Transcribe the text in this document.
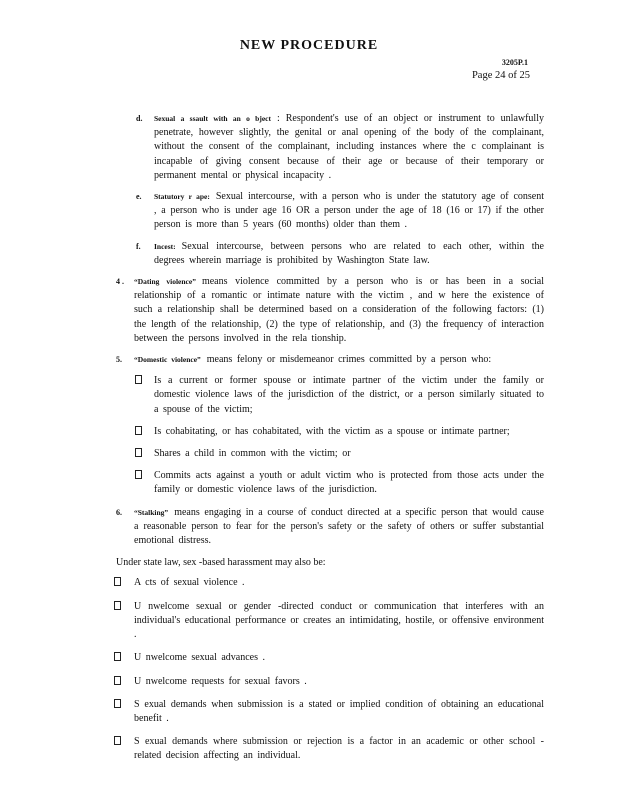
NEW PROCEDURE
3205P.1
Page 24 of 25
d. Sexual a ssault with an o bject : Respondent's use of an object or instrument to unlawfully penetrate, however slightly, the genital or anal opening of the body of the complainant, without the consent of the complainant, including instances where the c complainant is incapable of giving consent because of their age or because of their temporary or permanent mental or physical incapacity .
e. Statutory r ape: Sexual intercourse, with a person who is under the statutory age of consent , a person who is under age 16 OR a person under the age of 18 (16 or 17) if the other person is more than 5 years (60 months) older than them .
f. Incest: Sexual intercourse, between persons who are related to each other, within the degrees wherein marriage is prohibited by Washington State law.
4 . “Dating violence” means violence committed by a person who is or has been in a social relationship of a romantic or intimate nature with the victim , and w here the existence of such a relationship shall be determined based on a consideration of the following factors: (1) the length of the relationship, (2) the type of relationship, and (3) the frequency of interaction between the persons involved in the rela tionship.
5. “Domestic violence” means felony or misdemeanor crimes committed by a person who:
Is a current or former spouse or intimate partner of the victim under the family or domestic violence laws of the jurisdiction of the district, or a person similarly situated to a spouse of the victim;
Is cohabitating, or has cohabitated, with the victim as a spouse or intimate partner;
Shares a child in common with the victim; or
Commits acts against a youth or adult victim who is protected from those acts under the family or domestic violence laws of the jurisdiction.
6. “Stalking” means engaging in a course of conduct directed at a specific person that would cause a reasonable person to fear for the person's safety or the safety of others or suffer substantial emotional distress.
Under state law, sex -based harassment may also be:
A cts of sexual violence .
U nwelcome sexual or gender -directed conduct or communication that interferes with an individual's educational performance or creates an intimidating, hostile, or offensive environment .
U nwelcome sexual advances .
U nwelcome requests for sexual favors .
S exual demands when submission is a stated or implied condition of obtaining an educational benefit .
S exual demands where submission or rejection is a factor in an academic or other school -related decision affecting an individual.
